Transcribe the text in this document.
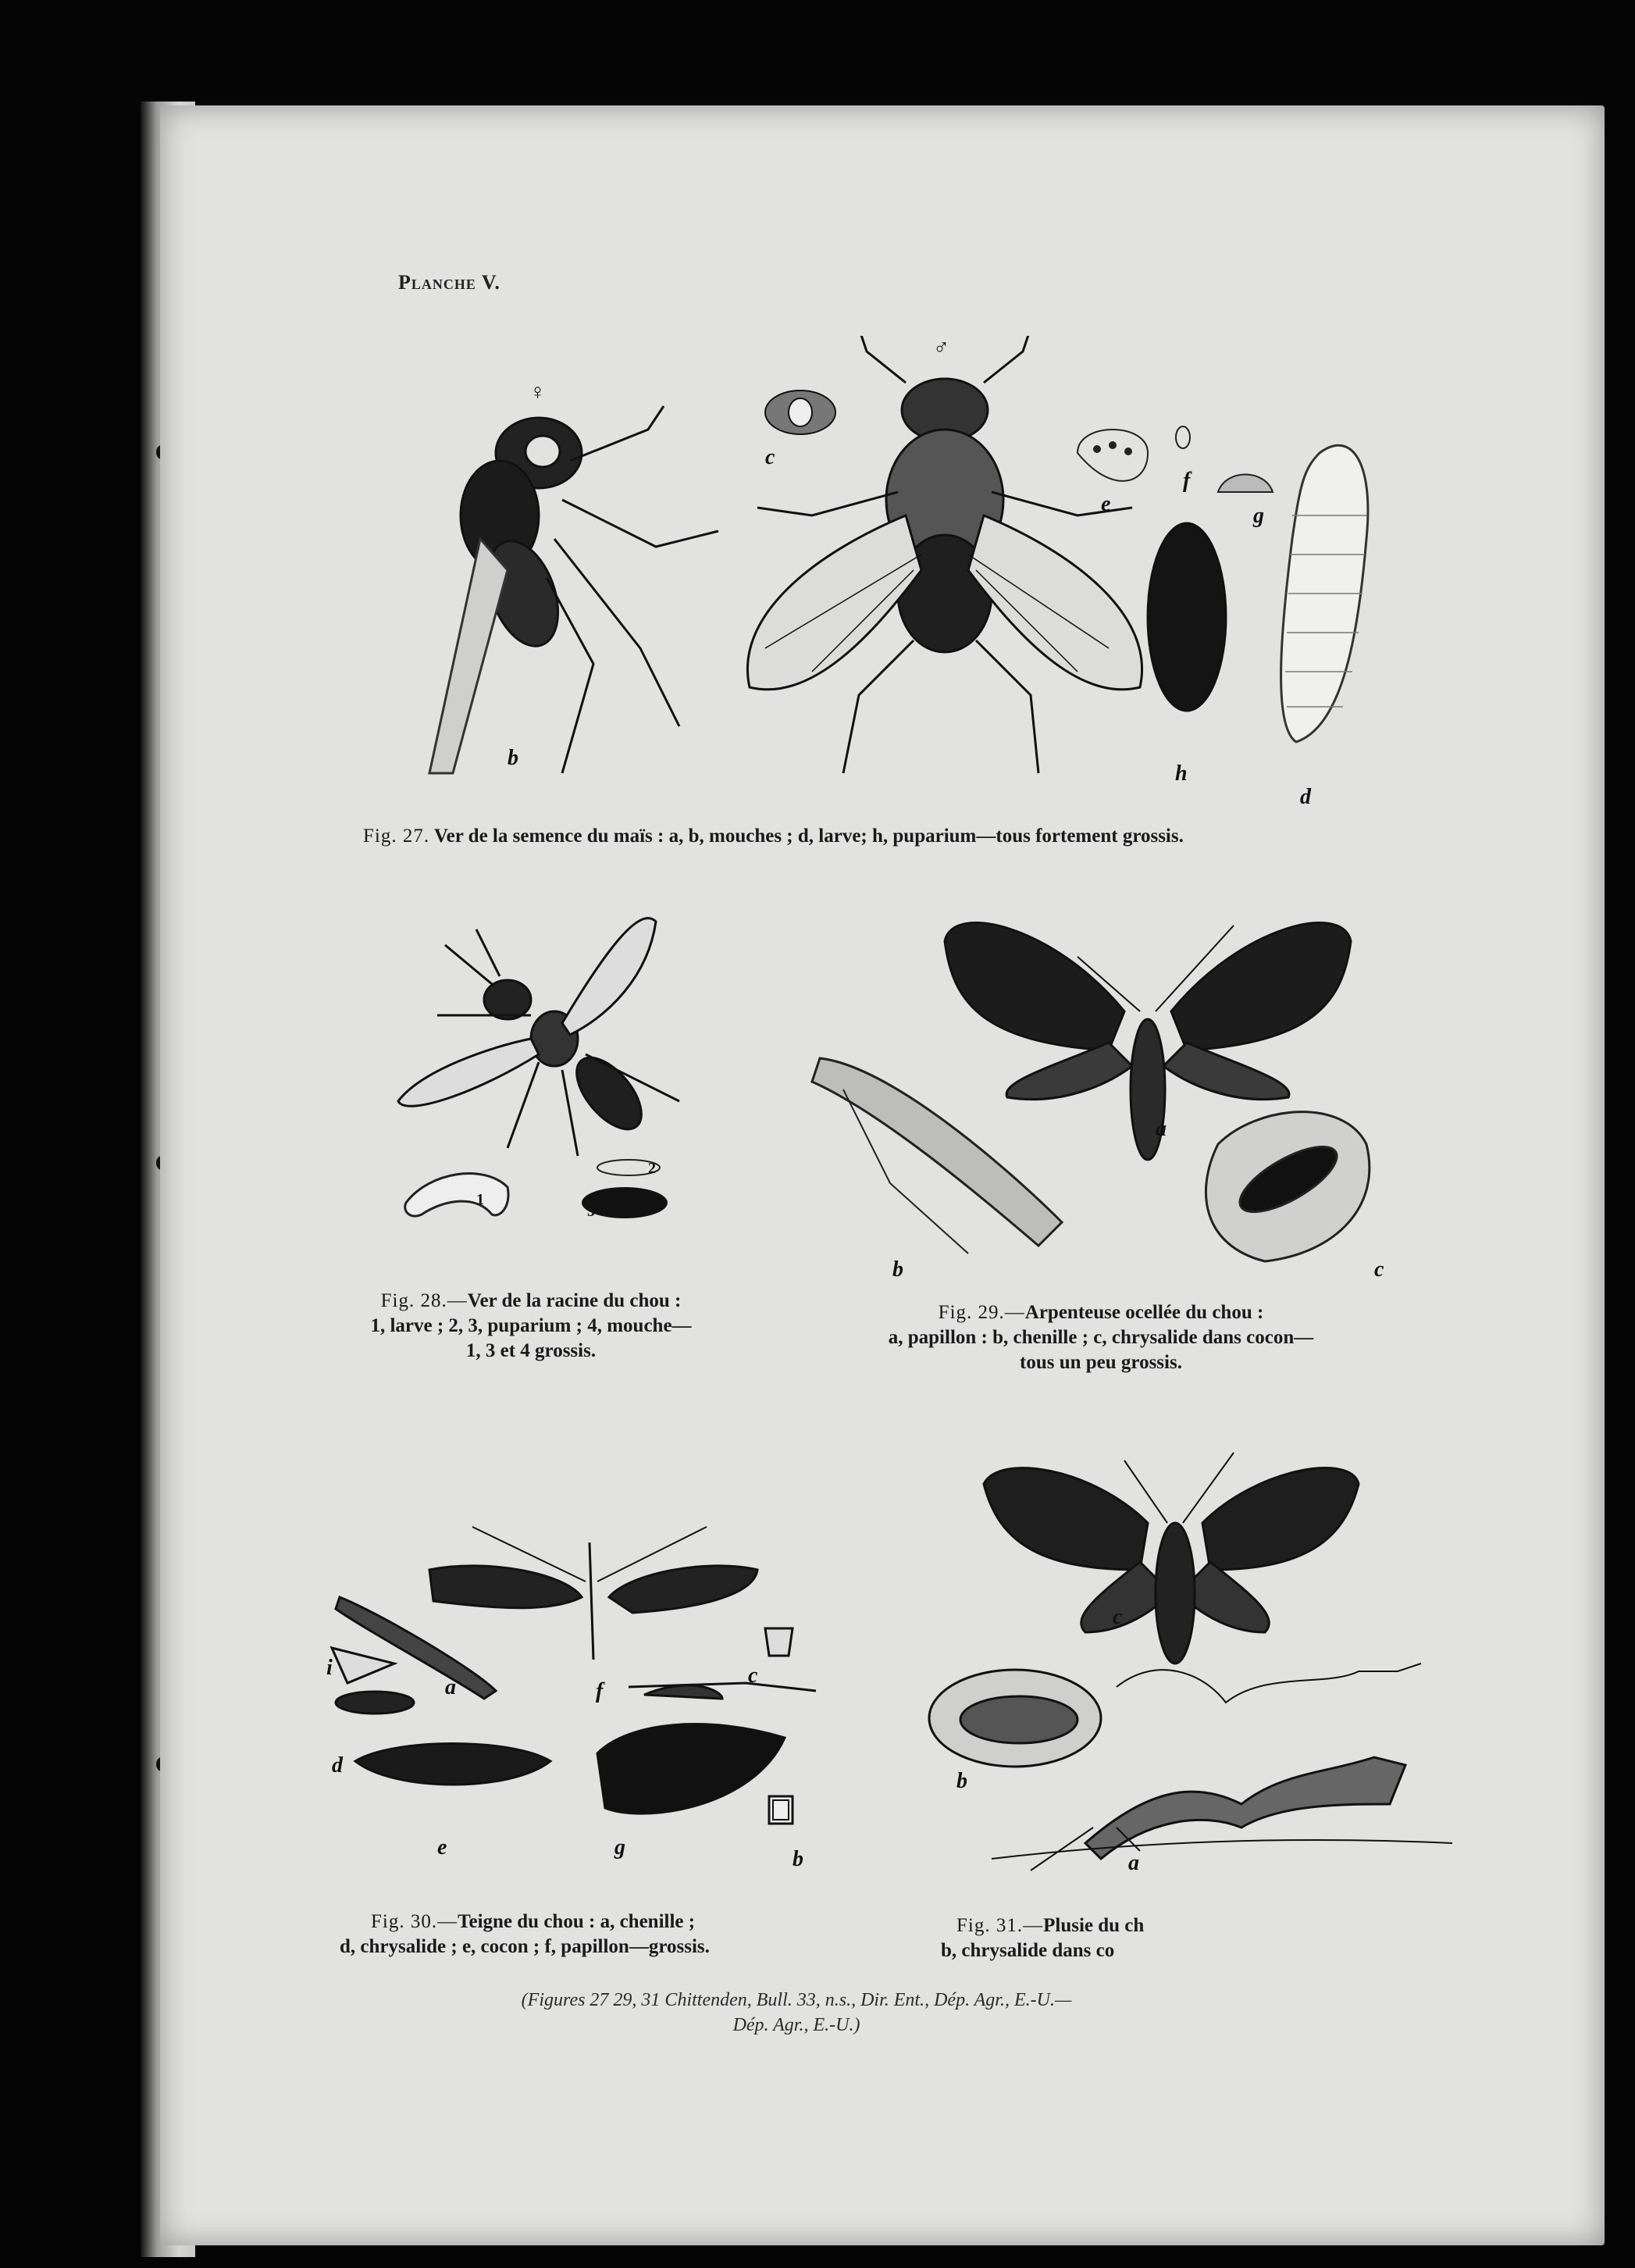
Planche V.
♀
♂
b
c
e
f
g
h
d
Fig. 27. Ver de la semence du maïs : a, b, mouches ; d, larve; h, puparium—tous fortement grossis.
1
2
3
Fig. 28.—Ver de la racine du chou :
1, larve ; 2, 3, puparium ; 4, mouche—
1, 3 et 4 grossis.
a
b	c
Fig. 29.—Arpenteuse ocellée du chou :
a, papillon : b, chenille ; c, chrysalide dans cocon—
tous un peu grossis.
i
a	c
d
e
f
g
h
b
Fig. 30.—Teigne du chou : a, chenille ;
d, chrysalide ; e, cocon ; f, papillon—grossis.
c
b
a
Fig. 31.—Plusie du ch
b, chrysalide dans co
(Figures 27 29, 31 Chittenden, Bull. 33, n.s., Dir. Ent., Dép. Agr., E.-U.—
Dép. Agr., E.-U.)
